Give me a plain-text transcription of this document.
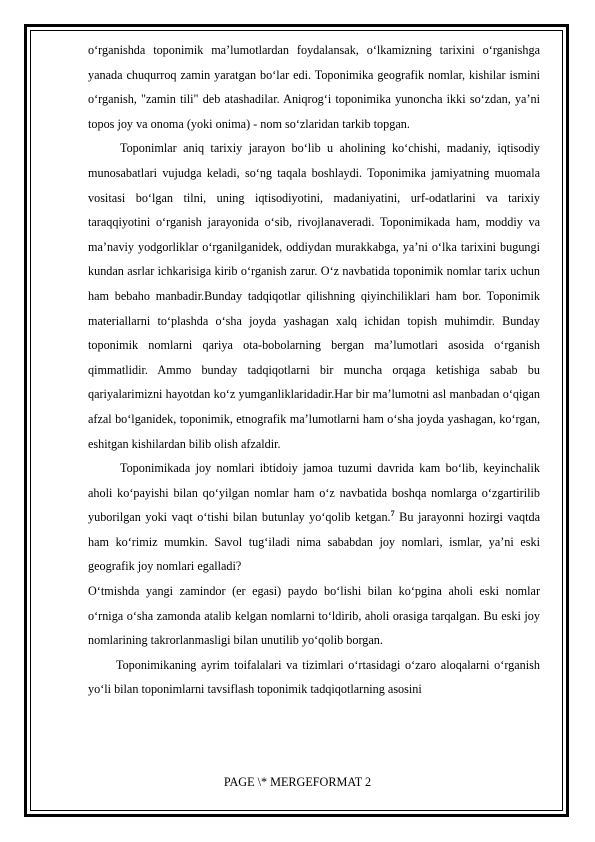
o‘rganishda toponimik ma’lumotlardan foydalansak, o‘lkamizning tarixini o‘rganishga yanada chuqurroq zamin yaratgan bo‘lar edi. Toponimika geografik nomlar, kishilar ismini o‘rganish, "zamin tili" deb atashadilar. Aniqrog‘i toponimika yunoncha ikki so‘zdan, ya’ni topos joy va onoma (yoki onima) - nom so‘zlaridan tarkib topgan.

Toponimlar aniq tarixiy jarayon bo‘lib u aholining ko‘chishi, madaniy, iqtisodiy munosabatlari vujudga keladi, so‘ng taqala boshlaydi. Toponimika jamiyatning muomala vositasi bo‘lgan tilni, uning iqtisodiyotini, madaniyatini, urf-odatlarini va tarixiy taraqqiyotini o‘rganish jarayonida o‘sib, rivojlanaveradi. Toponimikada ham, moddiy va ma’naviy yodgorliklar o‘rganilganidek, oddiydan murakkabga, ya’ni o‘lka tarixini bugungi kundan asrlar ichkarisiga kirib o‘rganish zarur. O‘z navbatida toponimik nomlar tarix uchun ham bebaho manbadir.Bunday tadqiqotlar qilishning qiyinchiliklari ham bor. Toponimik materiallarni to‘plashda o‘sha joyda yashagan xalq ichidan topish muhimdir. Bunday toponimik nomlarni qariya ota-bobolarning bergan ma’lumotlari asosida o‘rganish qimmatlidir. Ammo bunday tadqiqotlarni bir muncha orqaga ketishiga sabab bu qariyalarimizni hayotdan ko‘z yumganliklaridadir.Har bir ma’lumotni asl manbadan o‘qigan afzal bo‘lganidek, toponimik, etnografik ma’lumotlarni ham o‘sha joyda yashagan, ko‘rgan, eshitgan kishilardan bilib olish afzaldir.

Toponimikada joy nomlari ibtidoiy jamoa tuzumi davrida kam bo‘lib, keyinchalik aholi ko‘payishi bilan qo‘yilgan nomlar ham o‘z navbatida boshqa nomlarga o‘zgartirilib yuborilgan yoki vaqt o‘tishi bilan butunlay yo‘qolib ketgan.$^7$ Bu jarayonni hozirgi vaqtda ham ko‘rimiz mumkin. Savol tug‘iladi nima sababdan joy nomlari, ismlar, ya’ni eski geografik joy nomlari egalladi?

O‘tmishda yangi zamindor (er egasi) paydo bo‘lishi bilan ko‘pgina aholi eski nomlar o‘rniga o‘sha zamonda atalib kelgan nomlarni to‘ldirib, aholi orasiga tarqalgan. Bu eski joy nomlarining takrorlanmasligi bilan unutilib yo‘qolib borgan.

Toponimikaning ayrim toifalalari va tizimlari o‘rtasidagi o‘zaro aloqalarni o‘rganish yo‘li bilan toponimlarni tavsiflash toponimik tadqiqotlarning asosini

PAGE \* MERGEFORMAT 2
